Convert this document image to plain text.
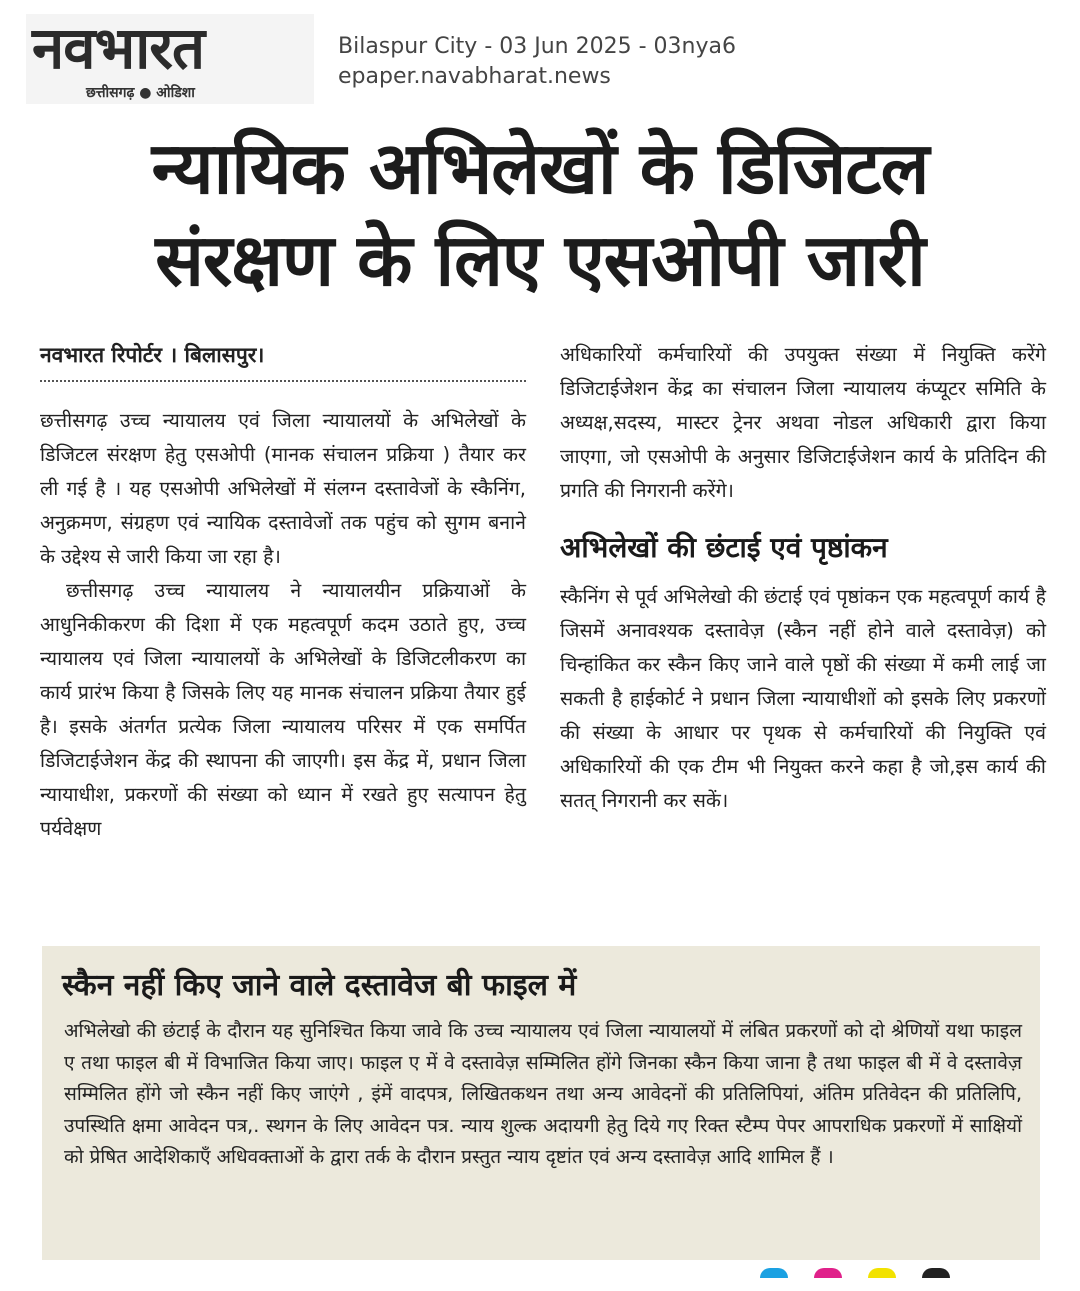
नवभारत
छत्तीसगढ़ ● ओडिशा
Bilaspur City - 03 Jun 2025 - 03nya6
epaper.navabharat.news
न्यायिक अभिलेखों के डिजिटल
संरक्षण के लिए एसओपी जारी
नवभारत रिपोर्टर । बिलासपुर।

छत्तीसगढ़ उच्च न्यायालय एवं जिला न्यायालयों के अभिलेखों के डिजिटल संरक्षण हेतु एसओपी (मानक संचालन प्रक्रिया ) तैयार कर ली गई है । यह एसओपी अभिलेखों में संलग्न दस्तावेजों के स्कैनिंग, अनुक्रमण, संग्रहण एवं न्यायिक दस्तावेजों तक पहुंच को सुगम बनाने के उद्देश्य से जारी किया जा रहा है।

छत्तीसगढ़ उच्च न्यायालय ने न्यायालयीन प्रक्रियाओं के आधुनिकीकरण की दिशा में एक महत्वपूर्ण कदम उठाते हुए, उच्च न्यायालय एवं जिला न्यायालयों के अभिलेखों के डिजिटलीकरण का कार्य प्रारंभ किया है जिसके लिए यह मानक संचालन प्रक्रिया तैयार हुई है। इसके अंतर्गत प्रत्येक जिला न्यायालय परिसर में एक समर्पित डिजिटाईजेशन केंद्र की स्थापना की जाएगी। इस केंद्र में, प्रधान जिला न्यायाधीश, प्रकरणों की संख्या को ध्यान में रखते हुए सत्यापन हेतु पर्यवेक्षण

अधिकारियों कर्मचारियों की उपयुक्त संख्या में नियुक्ति करेंगे डिजिटाईजेशन केंद्र का संचालन जिला न्यायालय कंप्यूटर समिति के अध्यक्ष,सदस्य, मास्टर ट्रेनर अथवा नोडल अधिकारी द्वारा किया जाएगा, जो एसओपी के अनुसार डिजिटाईजेशन कार्य के प्रतिदिन की प्रगति की निगरानी करेंगे।

अभिलेखों की छंटाई एवं पृष्ठांकन

स्कैनिंग से पूर्व अभिलेखो की छंटाई एवं पृष्ठांकन एक महत्वपूर्ण कार्य है जिसमें अनावश्यक दस्तावेज़ (स्कैन नहीं होने वाले दस्तावेज़) को चिन्हांकित कर स्कैन किए जाने वाले पृष्ठों की संख्या में कमी लाई जा सकती है हाईकोर्ट ने प्रधान जिला न्यायाधीशों को इसके लिए प्रकरणों की संख्या के आधार पर पृथक से कर्मचारियों की नियुक्ति एवं अधिकारियों की एक टीम भी नियुक्त करने कहा है जो,इस कार्य की सतत् निगरानी कर सकें।

स्कैन नहीं किए जाने वाले दस्तावेज बी फाइल में

अभिलेखो की छंटाई के दौरान यह सुनिश्चित किया जावे कि उच्च न्यायालय एवं जिला न्यायालयों में लंबित प्रकरणों को दो श्रेणियों यथा फाइल ए तथा फाइल बी में विभाजित किया जाए। फाइल ए में वे दस्तावेज़ सम्मिलित होंगे जिनका स्कैन किया जाना है तथा फाइल बी में वे दस्तावेज़ सम्मिलित होंगे जो स्कैन नहीं किए जाएंगे , इंमें वादपत्र, लिखितकथन तथा अन्य आवेदनों की प्रतिलिपियां, अंतिम प्रतिवेदन की प्रतिलिपि, उपस्थिति क्षमा आवेदन पत्र,. स्थगन के लिए आवेदन पत्र. न्याय शुल्क अदायगी हेतु दिये गए रिक्त स्टैम्प पेपर आपराधिक प्रकरणों में साक्षियों को प्रेषित आदेशिकाएँ अधिवक्ताओं के द्वारा तर्क के दौरान प्रस्तुत न्याय दृष्टांत एवं अन्य दस्तावेज़ आदि शामिल हैं ।
